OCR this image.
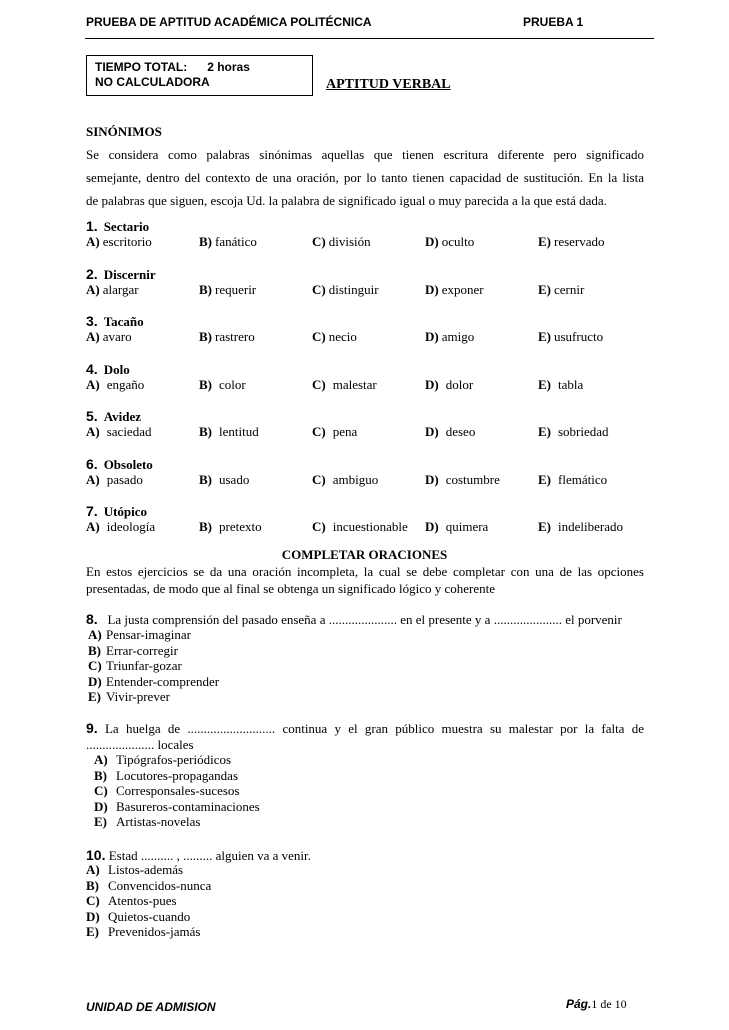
PRUEBA DE APTITUD ACADÉMICA POLITÉCNICA	PRUEBA 1
TIEMPO TOTAL:      2 horas
NO CALCULADORA	APTITUD VERBAL
SINÓNIMOS
Se considera como palabras sinónimas aquellas que tienen escritura diferente pero significado
semejante, dentro del contexto de una oración, por lo tanto tienen capacidad de sustitución. En la lista
de palabras que siguen, escoja Ud. la palabra de significado igual o muy parecida a la que está dada.
1. Sectario
A) escritorio	B) fanático	C) división	D) oculto	E) reservado
2. Discernir
A) alargar	B) requerir	C) distinguir	D) exponer	E) cernir
3. Tacaño
A) avaro	B) rastrero	C) necio	D) amigo	E) usufructo
4. Dolo
A) engaño	B) color	C) malestar	D) dolor	E) tabla
5. Avidez
A) saciedad	B) lentitud	C) pena	D) deseo	E) sobriedad
6. Obsoleto
A) pasado	B) usado	C) ambiguo	D) costumbre	E) flemático
7. Utópico
A) ideología	B) pretexto	C) incuestionable D) quimera	E) indeliberado
COMPLETAR ORACIONES
En estos ejercicios se da una oración incompleta, la cual se debe completar con una de las opciones
presentadas, de modo que al final se obtenga un significado lógico y coherente
8. La justa comprensión del pasado enseña a ..................... en el presente y a ..................... el porvenir
A) Pensar-imaginar
B) Errar-corregir
C) Triunfar-gozar
D) Entender-comprender
E) Vivir-prever
9. La huelga de ........................... continua y el gran público muestra su malestar por la falta de
..................... locales
A) Tipógrafos-periódicos
B) Locutores-propagandas
C) Corresponsales-sucesos
D) Basureros-contaminaciones
E) Artistas-novelas
10. Estad .......... , ......... alguien va a venir.
A) Listos-además
B) Convencidos-nunca
C) Atentos-pues
D) Quietos-cuando
E) Prevenidos-jamás
UNIDAD DE ADMISION	Pág.1 de 10
